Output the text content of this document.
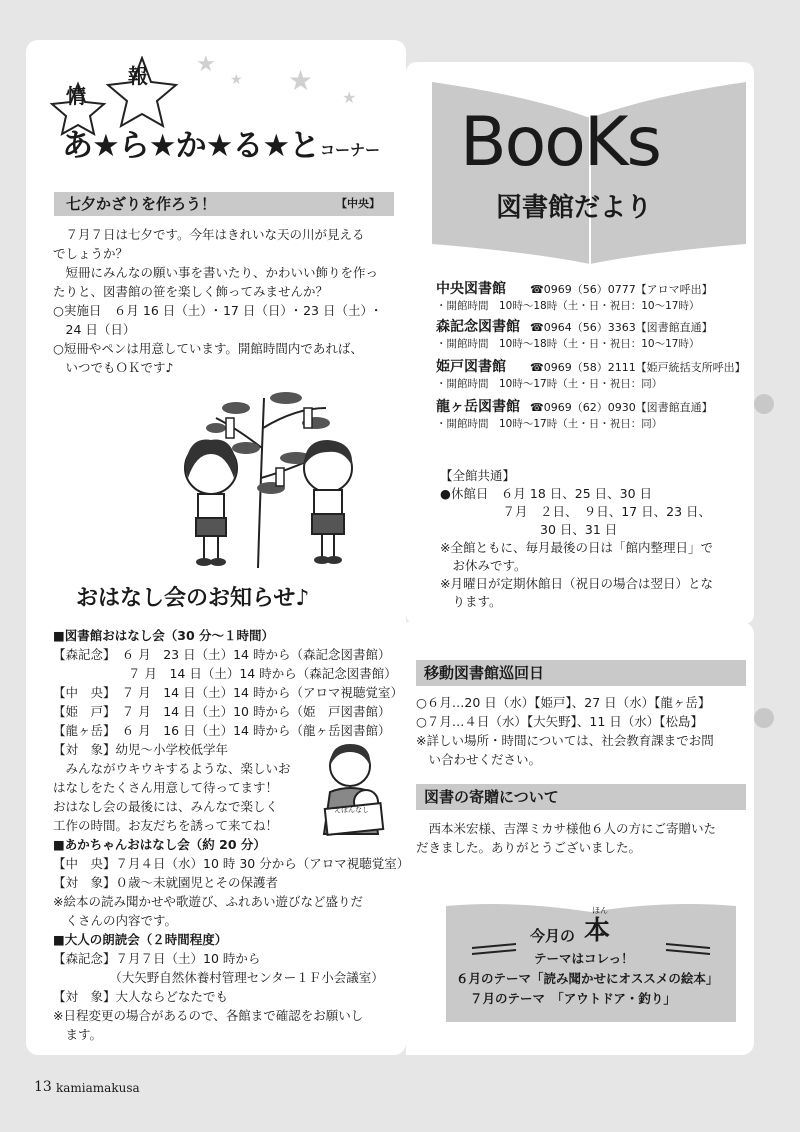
★
★ ★
★
情
報
あ★ら★か★る★と コーナー BooKs
図書館だより
七夕かざりを作ろう！	【中央】
　７月７日は七夕です。今年はきれいな天の川が見える
でしょうか？
　短冊にみんなの願い事を書いたり、かわいい飾りを作っ
たりと、図書館の笹を楽しく飾ってみませんか？
○実施日　６月 16 日（土）･ 17 日（日）･ 23 日（土）･
　24 日（日）
○短冊やペンは用意しています。開館時間内であれば、
　いつでもＯＫです♪
おはなし会のお知らせ♪
■図書館おはなし会（30 分～１時間）
【森記念】　６ 月　23 日（土）14 時から（森記念図書館）
　　　　　　７ 月　14 日（土）14 時から（森記念図書館）
【中　央】　７ 月　14 日（土）14 時から（アロマ視聴覚室）
【姫　戸】　７ 月　14 日（土）10 時から（姫　戸図書館）
【龍ヶ岳】　６ 月　16 日（土）14 時から（龍ヶ岳図書館）
【対　象】幼児～小学校低学年
　みんながウキウキするような、楽しいお
はなしをたくさん用意して待ってます！
おはなし会の最後には、みんなで楽しく
工作の時間。お友だちを誘って来てね！
■あかちゃんおはなし会（約 20 分）
【中　央】７月４日（水）10 時 30 分から（アロマ視聴覚室）
【対　象】０歳～未就園児とその保護者
※絵本の読み聞かせや歌遊び、ふれあい遊びなど盛りだ
　くさんの内容です。
■大人の朗読会（２時間程度）
【森記念】７月７日（土）10 時から
　　　　　（大矢野自然休養村管理センター１Ｆ小会議室）
【対　象】大人ならどなたでも
※日程変更の場合があるので、各館まで確認をお願いし
　ます。
えほんなし
中央図書館 ☎0969（56）0777【アロマ呼出】
・開館時間　10時～18時（土・日・祝日：10～17時）
森記念図書館 ☎0964（56）3363【図書館直通】
・開館時間　10時～18時（土・日・祝日：10～17時）
姫戸図書館 ☎0969（58）2111【姫戸統括支所呼出】
・開館時間　10時～17時（土・日・祝日：同）
龍ヶ岳図書館 ☎0969（62）0930【図書館直通】
・開館時間　10時～17時（土・日・祝日：同）
【全館共通】
●休館日　６月 18 日、25 日、30 日
　　　　　７月　２日、　９日、17 日、23 日、
　　　　　　　　30 日、31 日
※全館ともに、毎月最後の日は「館内整理日」で
　お休みです。
※月曜日が定期休館日（祝日の場合は翌日）とな
　ります。
移動図書館巡回日
○６月…20 日（水）【姫戸】、27 日（水）【龍ヶ岳】
○７月…４日（水）【大矢野】、11 日（水）【松島】
※詳しい場所・時間については、社会教育課までお問
　い合わせください。
図書の寄贈について
　西本米宏様、吉澤ミカサ様他６人の方にご寄贈いた
だきました。ありがとうございました。
ほん
今月の 本
テーマはコレっ！
６月のテーマ「読み聞かせにオススメの絵本」
７月のテーマ　「アウトドア・釣り」
13 kamiamakusa
